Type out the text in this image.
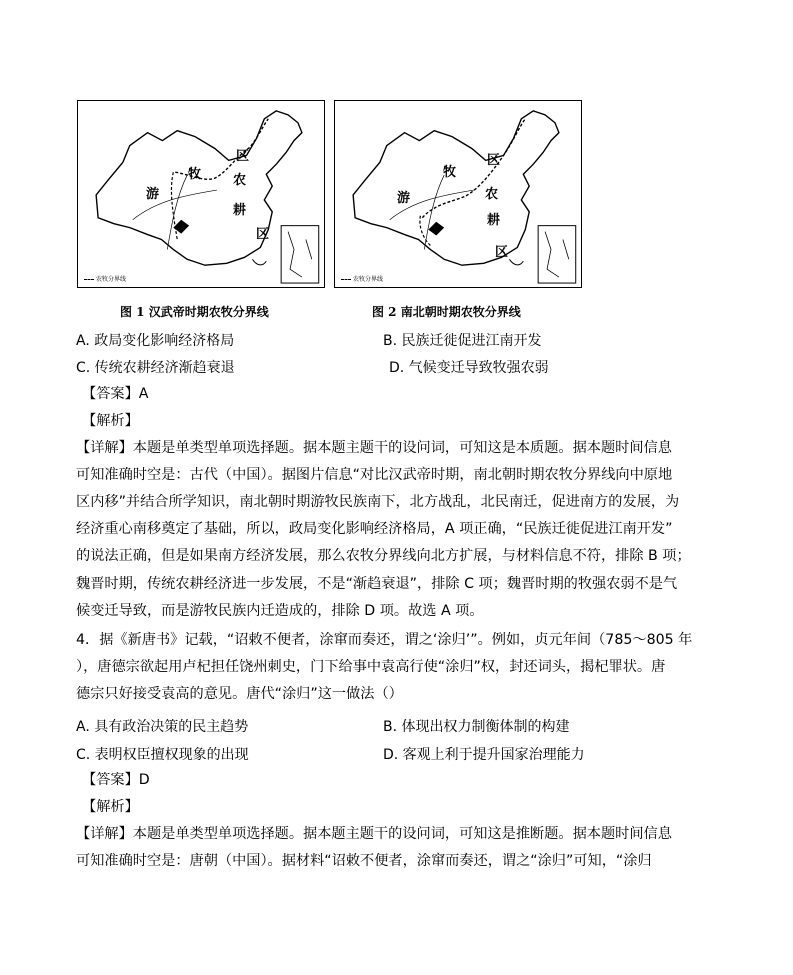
区
牧 农
游
耕
区
农牧分界线
区
牧
农
游
耕
区
农牧分界线
图 1 汉武帝时期农牧分界线	图 2 南北朝时期农牧分界线
A. 政局变化影响经济格局	B. 民族迁徙促进江南开发
C. 传统农耕经济渐趋衰退	D. 气候变迁导致牧强农弱
【答案】A
【解析】
【详解】本题是单类型单项选择题。据本题主题干的设问词，可知这是本质题。据本题时间信息
可知准确时空是：古代（中国）。据图片信息“对比汉武帝时期，南北朝时期农牧分界线向中原地
区内移”并结合所学知识，南北朝时期游牧民族南下，北方战乱，北民南迁，促进南方的发展，为
经济重心南移奠定了基础，所以，政局变化影响经济格局，A 项正确，“民族迁徙促进江南开发”
的说法正确，但是如果南方经济发展，那么农牧分界线向北方扩展，与材料信息不符，排除 B 项；
魏晋时期，传统农耕经济进一步发展，不是“渐趋衰退”，排除 C 项；魏晋时期的牧强农弱不是气
候变迁导致，而是游牧民族内迁造成的，排除 D 项。故选 A 项。
4．据《新唐书》记载，“诏敕不便者，涂窜而奏还，谓之‘涂归’”。例如，贞元年间（785～805 年
），唐德宗欲起用卢杞担任饶州刺史，门下给事中袁高行使“涂归”权，封还词头，揭杞罪状。唐
德宗只好接受袁高的意见。唐代“涂归”这一做法（）
A. 具有政治决策的民主趋势	B. 体现出权力制衡体制的构建
C. 表明权臣擅权现象的出现	D. 客观上利于提升国家治理能力
【答案】D
【解析】
【详解】本题是单类型单项选择题。据本题主题干的设问词，可知这是推断题。据本题时间信息
可知准确时空是：唐朝（中国）。据材料“诏敕不便者，涂窜而奏还，谓之“涂归”可知，“涂归
